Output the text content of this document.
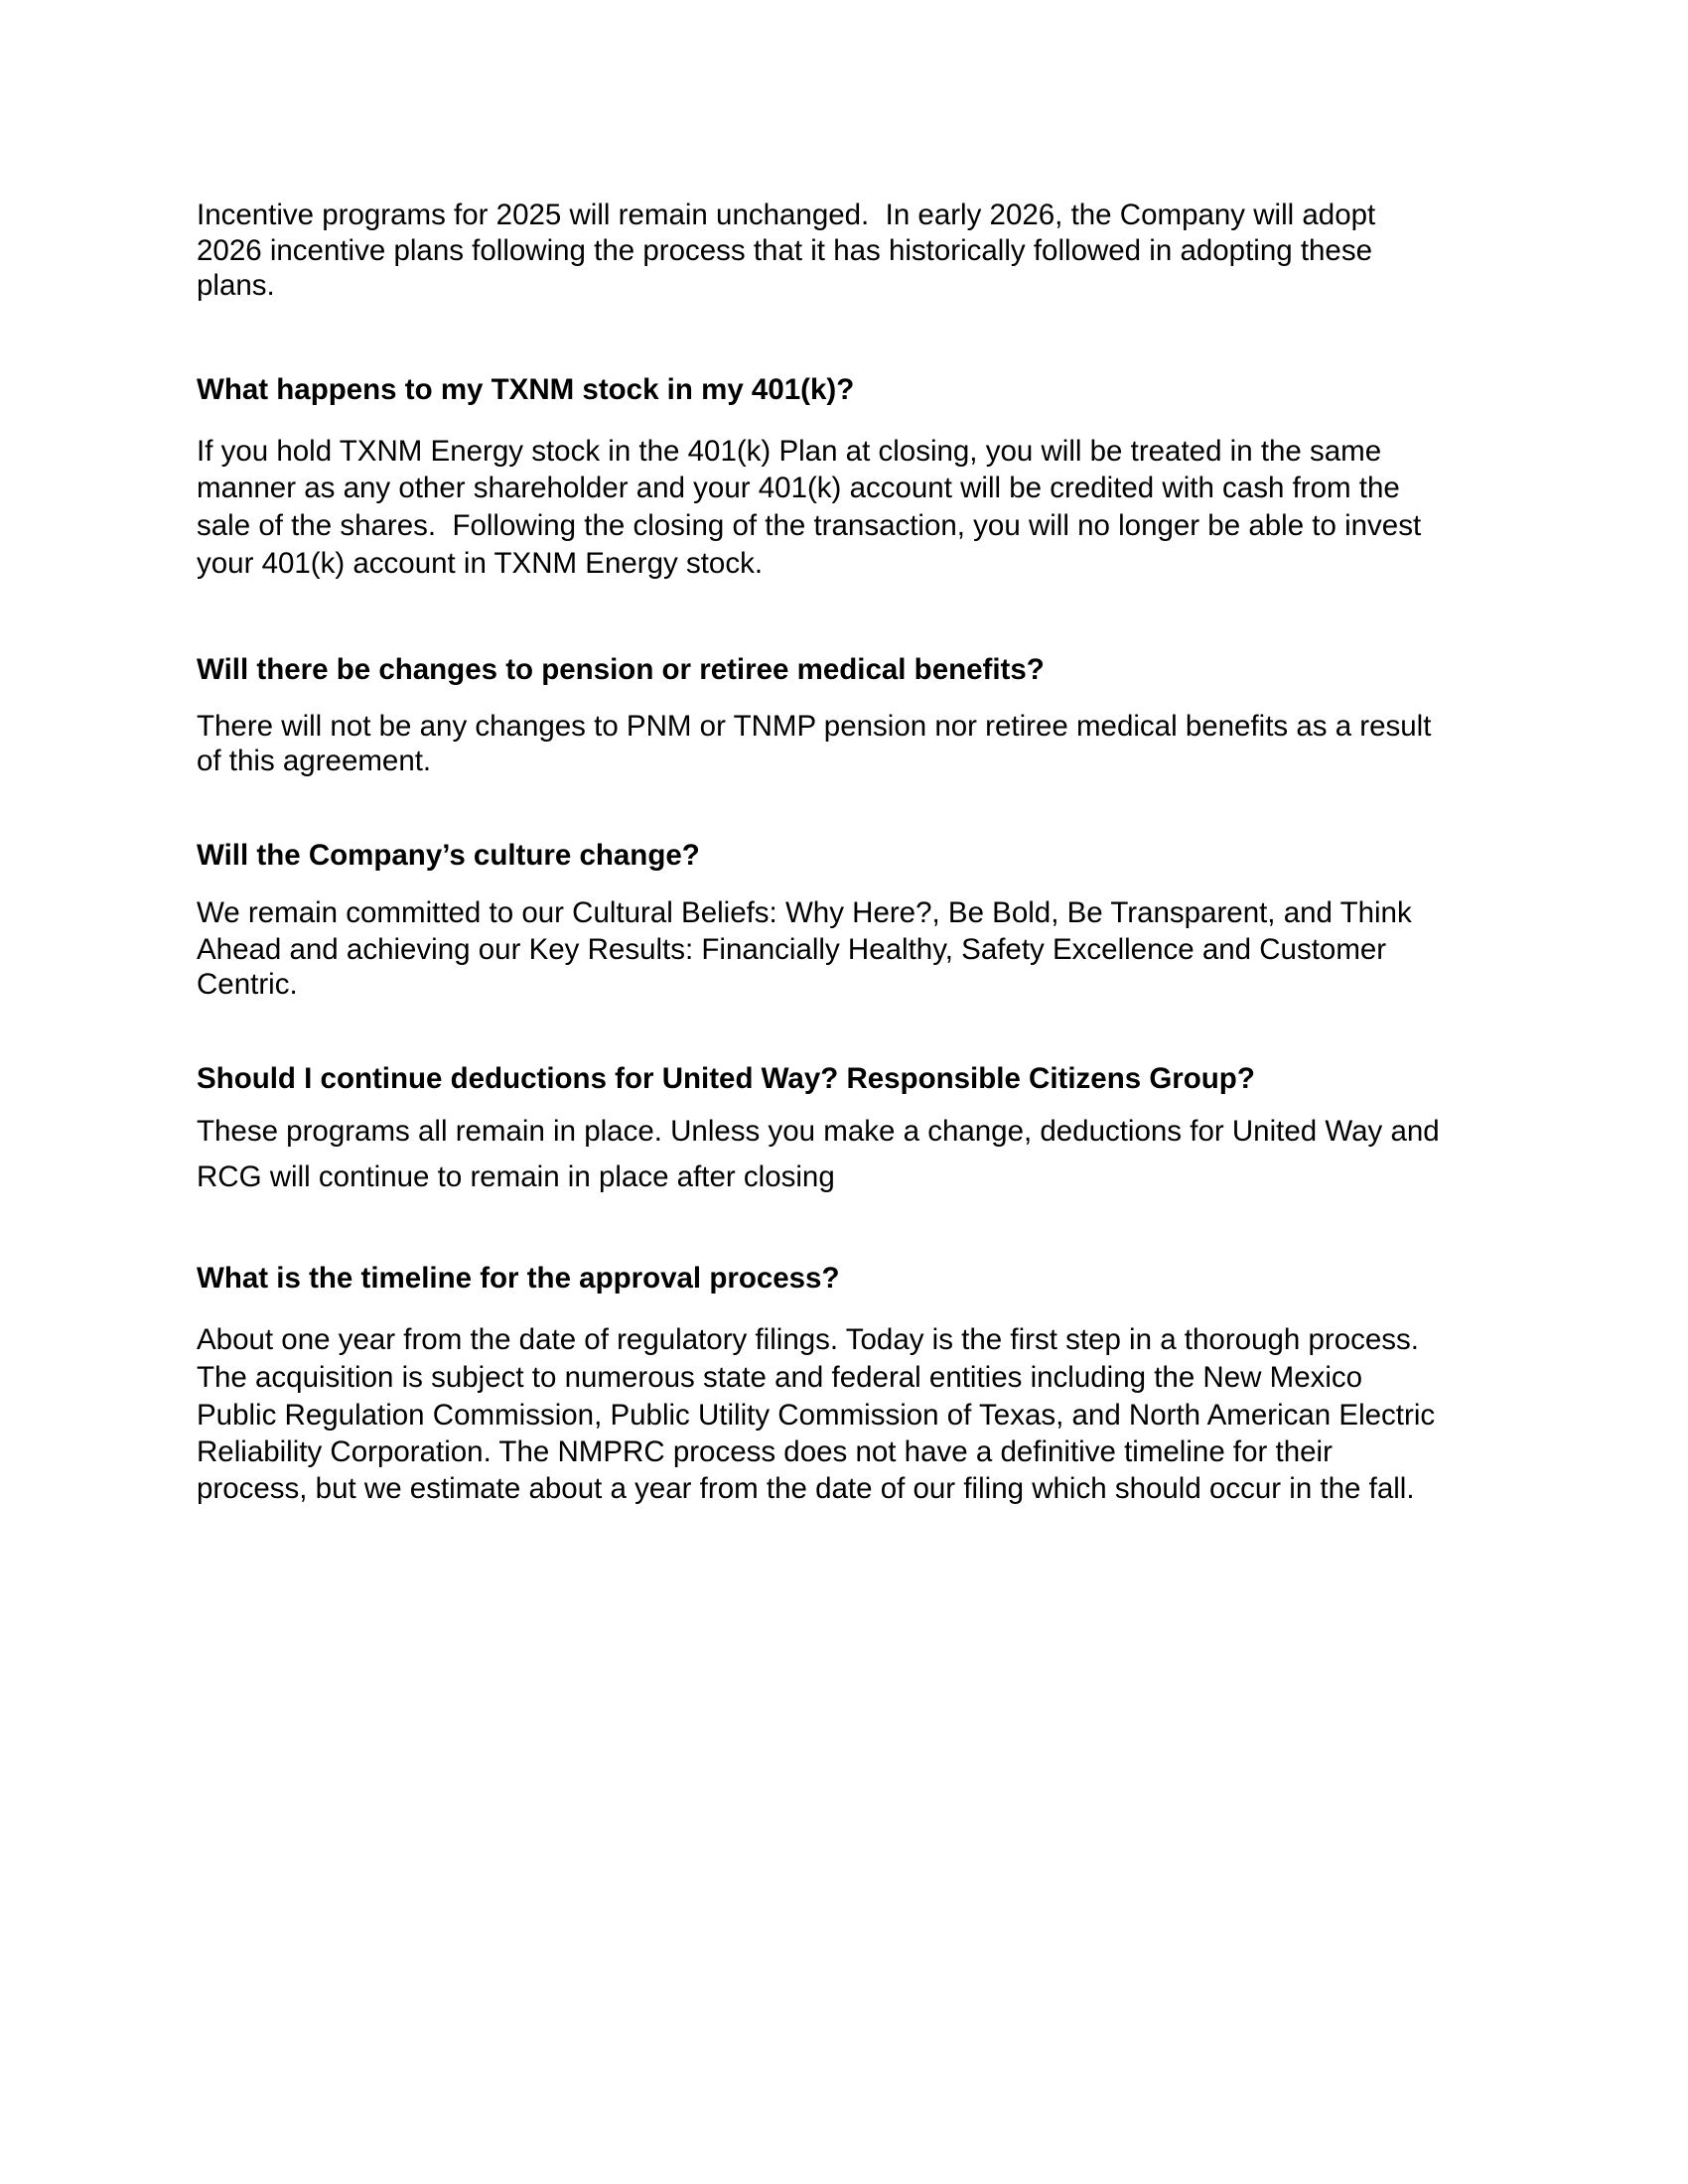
Incentive programs for 2025 will remain unchanged.  In early 2026, the Company will adopt
2026 incentive plans following the process that it has historically followed in adopting these
plans.
What happens to my TXNM stock in my 401(k)?
If you hold TXNM Energy stock in the 401(k) Plan at closing, you will be treated in the same
manner as any other shareholder and your 401(k) account will be credited with cash from the
sale of the shares.  Following the closing of the transaction, you will no longer be able to invest
your 401(k) account in TXNM Energy stock.
Will there be changes to pension or retiree medical benefits?
There will not be any changes to PNM or TNMP pension nor retiree medical benefits as a result
of this agreement.
Will the Company’s culture change?
We remain committed to our Cultural Beliefs: Why Here?, Be Bold, Be Transparent, and Think
Ahead and achieving our Key Results: Financially Healthy, Safety Excellence and Customer
Centric.
Should I continue deductions for United Way? Responsible Citizens Group?
These programs all remain in place. Unless you make a change, deductions for United Way and
RCG will continue to remain in place after closing
What is the timeline for the approval process?
About one year from the date of regulatory filings. Today is the first step in a thorough process.
The acquisition is subject to numerous state and federal entities including the New Mexico
Public Regulation Commission, Public Utility Commission of Texas, and North American Electric
Reliability Corporation. The NMPRC process does not have a definitive timeline for their
process, but we estimate about a year from the date of our filing which should occur in the fall.
